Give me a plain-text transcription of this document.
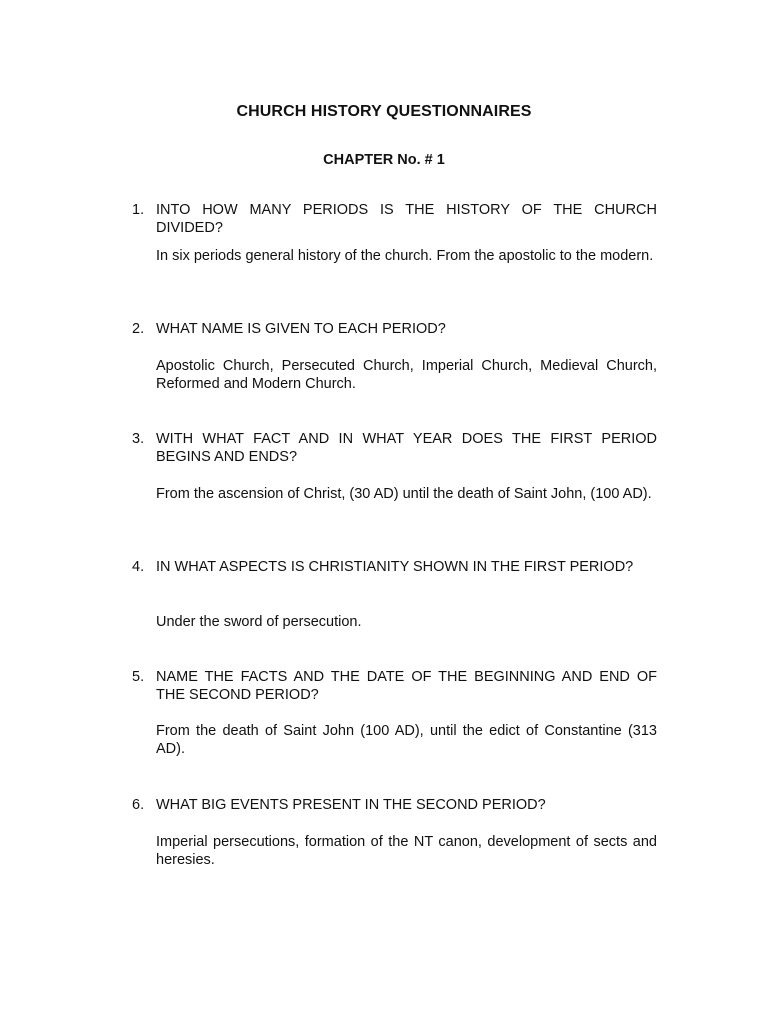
CHURCH HISTORY QUESTIONNAIRES
CHAPTER No. # 1
1. INTO HOW MANY PERIODS IS THE HISTORY OF THE CHURCH DIVIDED?
In six periods general history of the church. From the apostolic to the modern.
2. WHAT NAME IS GIVEN TO EACH PERIOD?
Apostolic Church, Persecuted Church, Imperial Church, Medieval Church, Reformed and Modern Church.
3. WITH WHAT FACT AND IN WHAT YEAR DOES THE FIRST PERIOD BEGINS AND ENDS?
From the ascension of Christ, (30 AD) until the death of Saint John, (100 AD).
4. IN WHAT ASPECTS IS CHRISTIANITY SHOWN IN THE FIRST PERIOD?
Under the sword of persecution.
5. NAME THE FACTS AND THE DATE OF THE BEGINNING AND END OF THE SECOND PERIOD?
From the death of Saint John (100 AD), until the edict of Constantine (313 AD).
6. WHAT BIG EVENTS PRESENT IN THE SECOND PERIOD?
Imperial persecutions, formation of the NT canon, development of sects and heresies.
